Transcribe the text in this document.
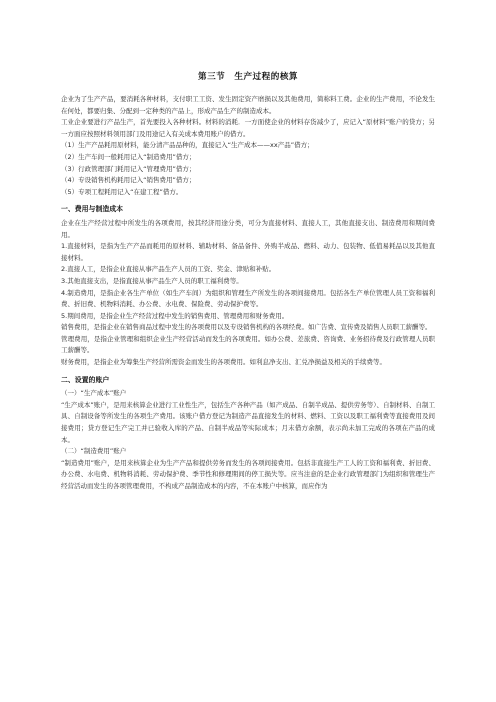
第三节　生产过程的核算

企业为了生产产品，要消耗各种材料，支付职工工资、发生固定资产磨损以及其他费用，简称料工费。企业的生产费用，不论发生在何处，都要归集、分配到一定种类的产品上，形成产品生产的制造成本。

工业企业要进行产品生产，首先要投入各种材料。材料的消耗．一方面使企业的材料存货减少了，应记入“原材料”账户的贷方；另一方面应按照材料领用部门及用途记入有关成本费用账户的借方。

（1）生产产品耗用原材料，能分清产品品种的，直接记入“生产成本——xx产品”借方；

（2）生产车间一般耗用记入“制造费用”借方；

（3）行政管理部门耗用记入“管理费用”借方；

（4）专设销售机构耗用记入“销售费用”借方；

（5）专项工程耗用记入“在建工程”借方。

一、费用与制造成本

企业在生产经营过程中所发生的各项费用，按其经济用途分类，可分为直接材料、直接人工，其他直接支出、制造费用和期间费用。

1.直接材料，是指为生产产品而耗用的原材料、辅助材料、备品备件、外购半成品、燃料、动力、包装物、低值易耗品以及其他直接材料。

2.直接人工，是指企业直接从事产品生产人员的工资、奖金、津贴和补贴。

3.其他直接支出，是指直接从事产品生产人员的职工福利费等。

4.制造费用，是指企业各生产单位（如生产车间）为组织和管理生产所发生的各项间接费用。包括各生产单位管理人员工资和福利费、折旧费、机物料消耗、办公费、水电费、保险费、劳动保护费等。

5.期间费用，是指企业生产经营过程中发生的销售费用、管理费用和财务费用。

销售费用，是指企业在销售商品过程中发生的各项费用以及专设销售机构的各项经费。如广告费、宣传费及销售人员职工薪酬等。

管理费用，是指企业管理和组织企业生产经营活动而发生的各项费用。如办公费、差旅费、咨询费、业务招待费及行政管理人员职工薪酬等。

财务费用，是指企业为筹集生产经营所需资金而发生的各项费用。如利息净支出、汇兑净损益及相关的手续费等。

二、设置的账户

（一）“生产成本”账户

“生产成本”账户，是用来核算企业进行工业性生产，包括生产各种产品（如产成品、自制半成品、提供劳务等）、自制材料、自制工具、自制设备等所发生的各项生产费用。该账户借方登记为制造产品直接发生的材料、燃料、工资以及职工福利费等直接费用及间接费用；贷方登记生产完工并已验收入库的产品、自制半成品等实际成本；月末借方余额，表示尚未加工完成的各项在产品的成本。

（二）“制造费用”账户

“制造费用”账户，是用来核算企业为生产产品和提供劳务而发生的各项间接费用。包括非直接生产工人的工资和福利费、折旧费、办公费、水电费、机物料消耗、劳动保护费、季节性和修理期间的停工损失等。应当注意的是企业行政管理部门为组织和管理生产经营活动而发生的各项管理费用，不构成产品制造成本的内容，不在本账户中核算，而应作为
